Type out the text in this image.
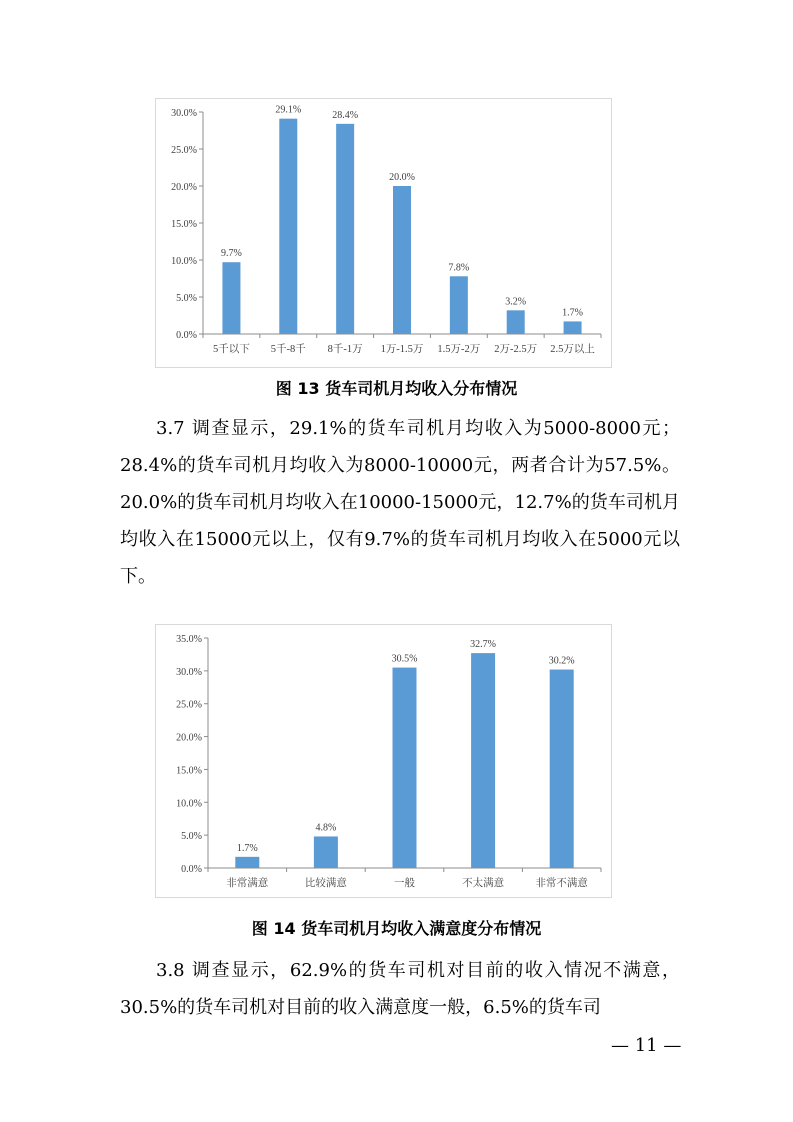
0.0%
5.0%
10.0%
15.0%
20.0%
25.0%
30.0%
9.7%
5千以下
29.1%
5千-8千
28.4%
8千-1万
20.0%
1万-1.5万
7.8%
1.5万-2万
3.2%
2万-2.5万
1.7%
2.5万以上
图 13 货车司机月均收入分布情况

3.7 调查显示，29.1%的货车司机月均收入为5000-8000元；28.4%的货车司机月均收入为8000-10000元，两者合计为57.5%。20.0%的货车司机月均收入在10000-15000元，12.7%的货车司机月均收入在15000元以上，仅有9.7%的货车司机月均收入在5000元以下。

0.0%
5.0%
10.0%
15.0%
20.0%
25.0%
30.0%
35.0%
1.7%
非常满意
4.8%
比较满意
30.5%
一般
32.7%
不太满意
30.2%
非常不满意
图 14 货车司机月均收入满意度分布情况

3.8 调查显示，62.9%的货车司机对目前的收入情况不满意，30.5%的货车司机对目前的收入满意度一般，6.5%的货车司

— 11 —
